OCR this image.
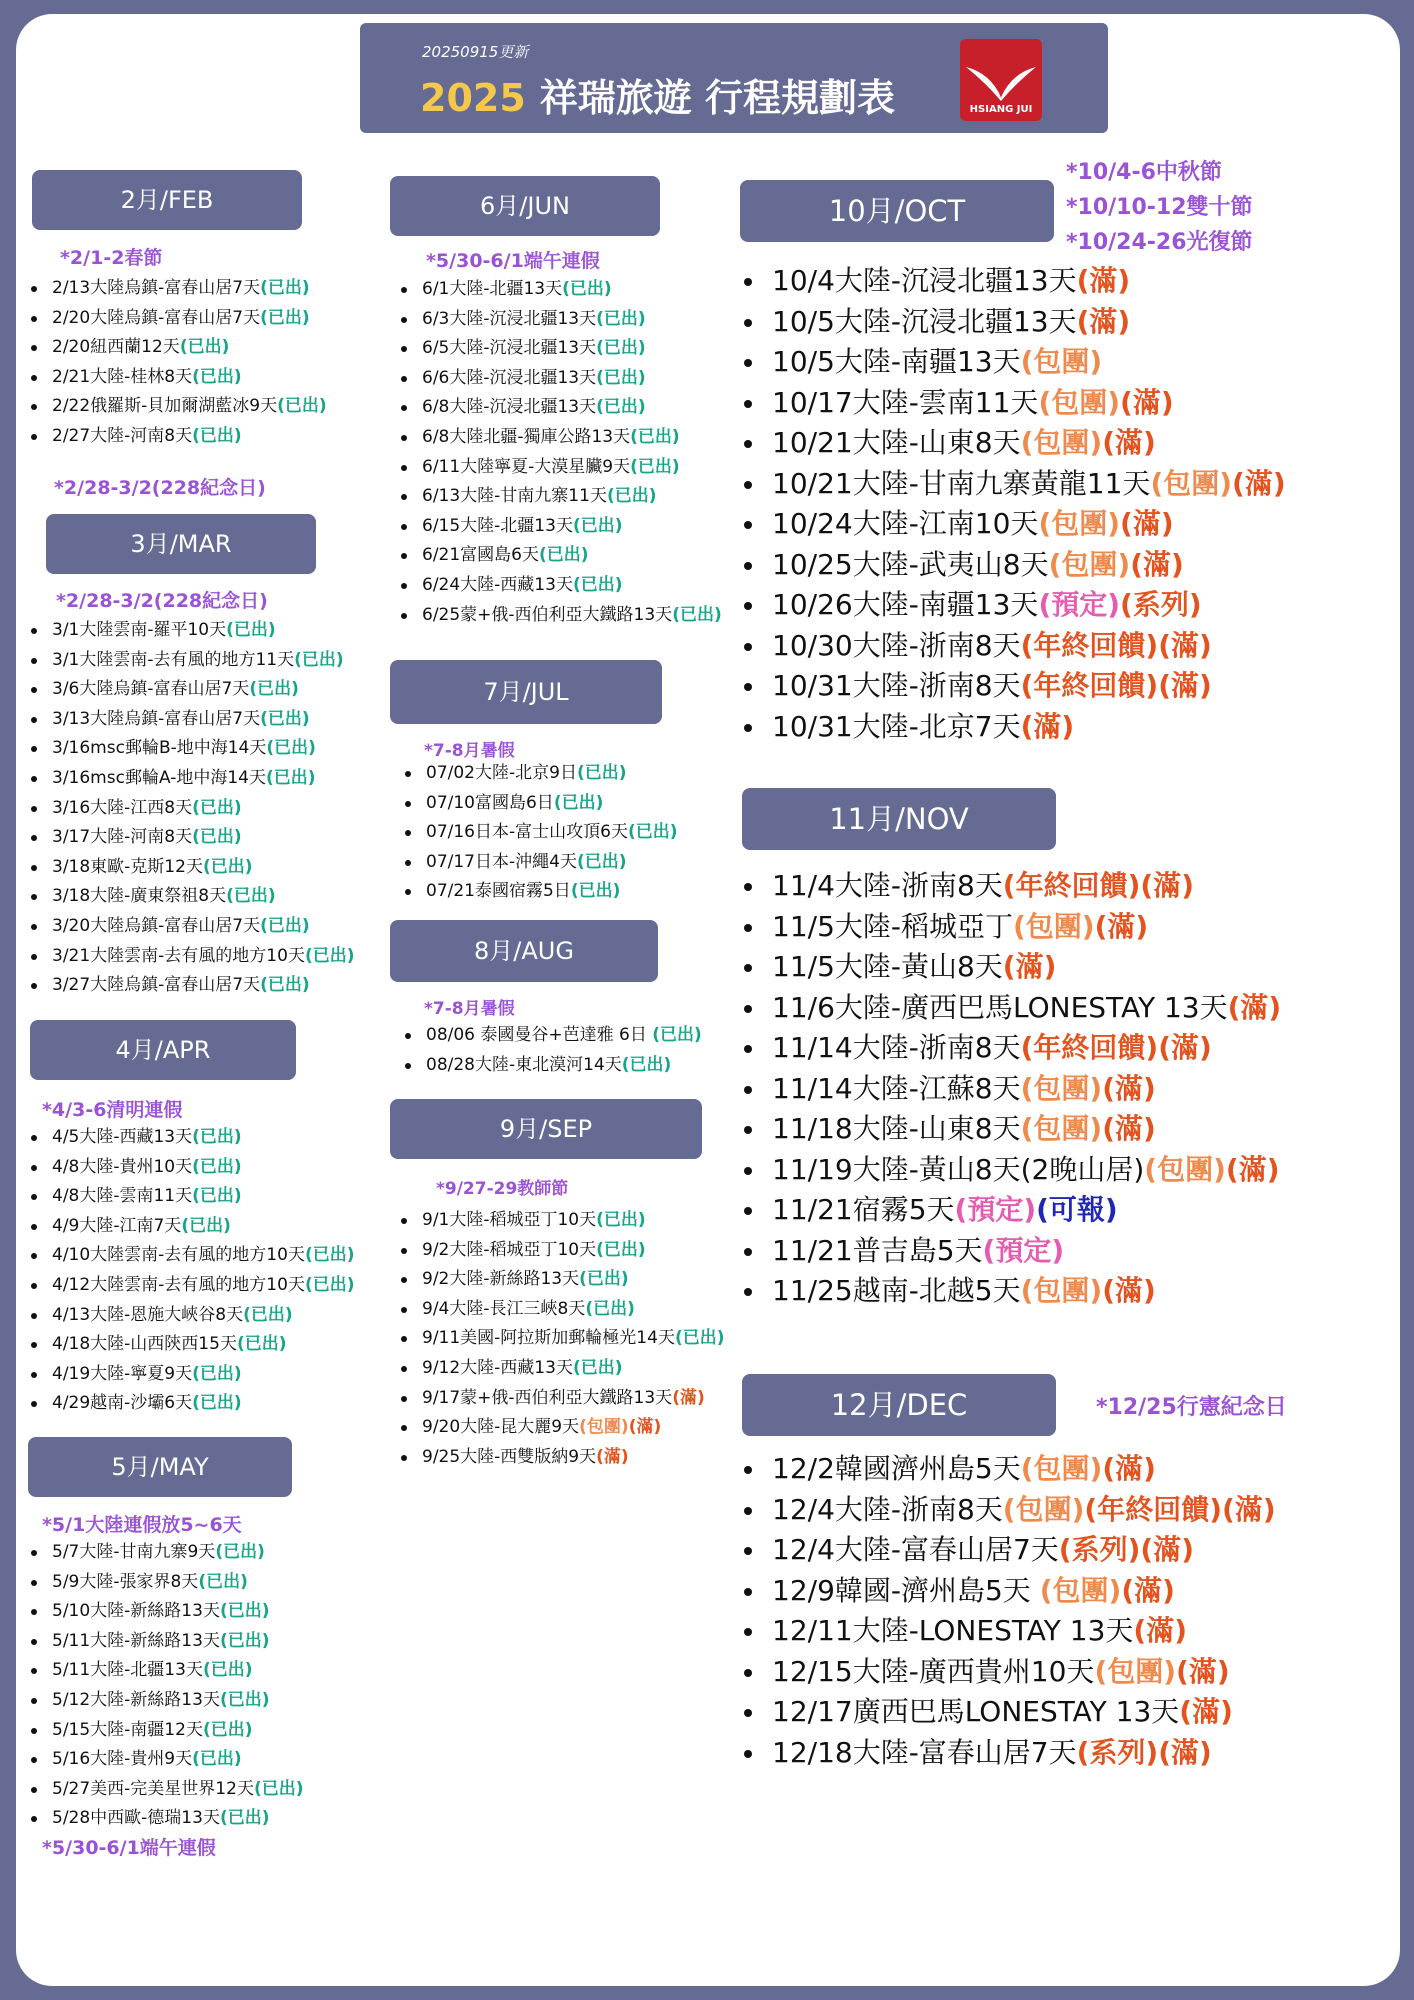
20250915更新
2025 祥瑞旅遊 行程規劃表	HSIANG JUI
2月/FEB
*2/1-2春節
2/13大陸烏鎮-富春山居7天(已出)
2/20大陸烏鎮-富春山居7天(已出)
2/20紐西蘭12天(已出)
2/21大陸-桂林8天(已出)
2/22俄羅斯-貝加爾湖藍冰9天(已出)
2/27大陸-河南8天(已出)
*2/28-3/2(228紀念日)
3月/MAR
*2/28-3/2(228紀念日)
3/1大陸雲南-羅平10天(已出)
3/1大陸雲南-去有風的地方11天(已出)
3/6大陸烏鎮-富春山居7天(已出)
3/13大陸烏鎮-富春山居7天(已出)
3/16msc郵輪B-地中海14天(已出)
3/16msc郵輪A-地中海14天(已出)
3/16大陸-江西8天(已出)
3/17大陸-河南8天(已出)
3/18東歐-克斯12天(已出)
3/18大陸-廣東祭祖8天(已出)
3/20大陸烏鎮-富春山居7天(已出)
3/21大陸雲南-去有風的地方10天(已出)
3/27大陸烏鎮-富春山居7天(已出)
4月/APR
*4/3-6清明連假
4/5大陸-西藏13天(已出)
4/8大陸-貴州10天(已出)
4/8大陸-雲南11天(已出)
4/9大陸-江南7天(已出)
4/10大陸雲南-去有風的地方10天(已出)
4/12大陸雲南-去有風的地方10天(已出)
4/13大陸-恩施大峽谷8天(已出)
4/18大陸-山西陝西15天(已出)
4/19大陸-寧夏9天(已出)
4/29越南-沙壩6天(已出)
5月/MAY
*5/1大陸連假放5~6天
5/7大陸-甘南九寨9天(已出)
5/9大陸-張家界8天(已出)
5/10大陸-新絲路13天(已出)
5/11大陸-新絲路13天(已出)
5/11大陸-北疆13天(已出)
5/12大陸-新絲路13天(已出)
5/15大陸-南疆12天(已出)
5/16大陸-貴州9天(已出)
5/27美西-完美星世界12天(已出)
5/28中西歐-德瑞13天(已出)
*5/30-6/1端午連假
6月/JUN
*5/30-6/1端午連假
6/1大陸-北疆13天(已出)
6/3大陸-沉浸北疆13天(已出)
6/5大陸-沉浸北疆13天(已出)
6/6大陸-沉浸北疆13天(已出)
6/8大陸-沉浸北疆13天(已出)
6/8大陸北疆-獨庫公路13天(已出)
6/11大陸寧夏-大漠星臟9天(已出)
6/13大陸-甘南九寨11天(已出)
6/15大陸-北疆13天(已出)
6/21富國島6天(已出)
6/24大陸-西藏13天(已出)
6/25蒙+俄-西伯利亞大鐵路13天(已出)
7月/JUL
*7-8月暑假
07/02大陸-北京9日(已出)
07/10富國島6日(已出)
07/16日本-富士山攻頂6天(已出)
07/17日本-沖繩4天(已出)
07/21泰國宿霧5日(已出)
8月/AUG
*7-8月暑假
08/06 泰國曼谷+芭達雅 6日 (已出)
08/28大陸-東北漠河14天(已出)
9月/SEP
*9/27-29教師節
9/1大陸-稻城亞丁10天(已出)
9/2大陸-稻城亞丁10天(已出)
9/2大陸-新絲路13天(已出)
9/4大陸-長江三峽8天(已出)
9/11美國-阿拉斯加郵輪極光14天(已出)
9/12大陸-西藏13天(已出)
9/17蒙+俄-西伯利亞大鐵路13天(滿)
9/20大陸-昆大麗9天(包團)(滿)
9/25大陸-西雙版納9天(滿)
10月/OCT
*10/4-6中秋節
*10/10-12雙十節
*10/24-26光復節
10/4大陸-沉浸北疆13天(滿)
10/5大陸-沉浸北疆13天(滿)
10/5大陸-南疆13天(包團)
10/17大陸-雲南11天(包團)(滿)
10/21大陸-山東8天(包團)(滿)
10/21大陸-甘南九寨黃龍11天(包團)(滿)
10/24大陸-江南10天(包團)(滿)
10/25大陸-武夷山8天(包團)(滿)
10/26大陸-南疆13天(預定)(系列)
10/30大陸-浙南8天(年終回饋)(滿)
10/31大陸-浙南8天(年終回饋)(滿)
10/31大陸-北京7天(滿)
11月/NOV
11/4大陸-浙南8天(年終回饋)(滿)
11/5大陸-稻城亞丁(包團)(滿)
11/5大陸-黃山8天(滿)
11/6大陸-廣西巴馬LONESTAY 13天(滿)
11/14大陸-浙南8天(年終回饋)(滿)
11/14大陸-江蘇8天(包團)(滿)
11/18大陸-山東8天(包團)(滿)
11/19大陸-黃山8天(2晚山居)(包團)(滿)
11/21宿霧5天(預定)(可報)
11/21普吉島5天(預定)
11/25越南-北越5天(包團)(滿)
12月/DEC	*12/25行憲紀念日
12/2韓國濟州島5天(包團)(滿)
12/4大陸-浙南8天(包團)(年終回饋)(滿)
12/4大陸-富春山居7天(系列)(滿)
12/9韓國-濟州島5天 (包團)(滿)
12/11大陸-LONESTAY 13天(滿)
12/15大陸-廣西貴州10天(包團)(滿)
12/17廣西巴馬LONESTAY 13天(滿)
12/18大陸-富春山居7天(系列)(滿)
